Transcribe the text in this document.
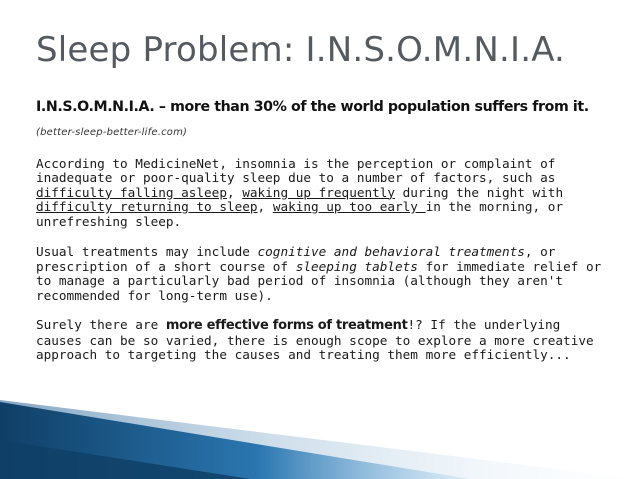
Sleep Problem: I.N.S.O.M.N.I.A.

I.N.S.O.M.N.I.A. – more than 30% of the world population suffers from it.

(better-sleep-better-life.com)

According to MedicineNet, insomnia is the perception or complaint of inadequate or poor-quality sleep due to a number of factors, such as difficulty falling asleep, waking up frequently during the night with difficulty returning to sleep, waking up too early in the morning, or unrefreshing sleep.

Usual treatments may include cognitive and behavioral treatments, or prescription of a short course of sleeping tablets for immediate relief or to manage a particularly bad period of insomnia (although they aren't recommended for long-term use).

Surely there are more effective forms of treatment!? If the underlying causes can be so varied, there is enough scope to explore a more creative approach to targeting the causes and treating them more efficiently...
